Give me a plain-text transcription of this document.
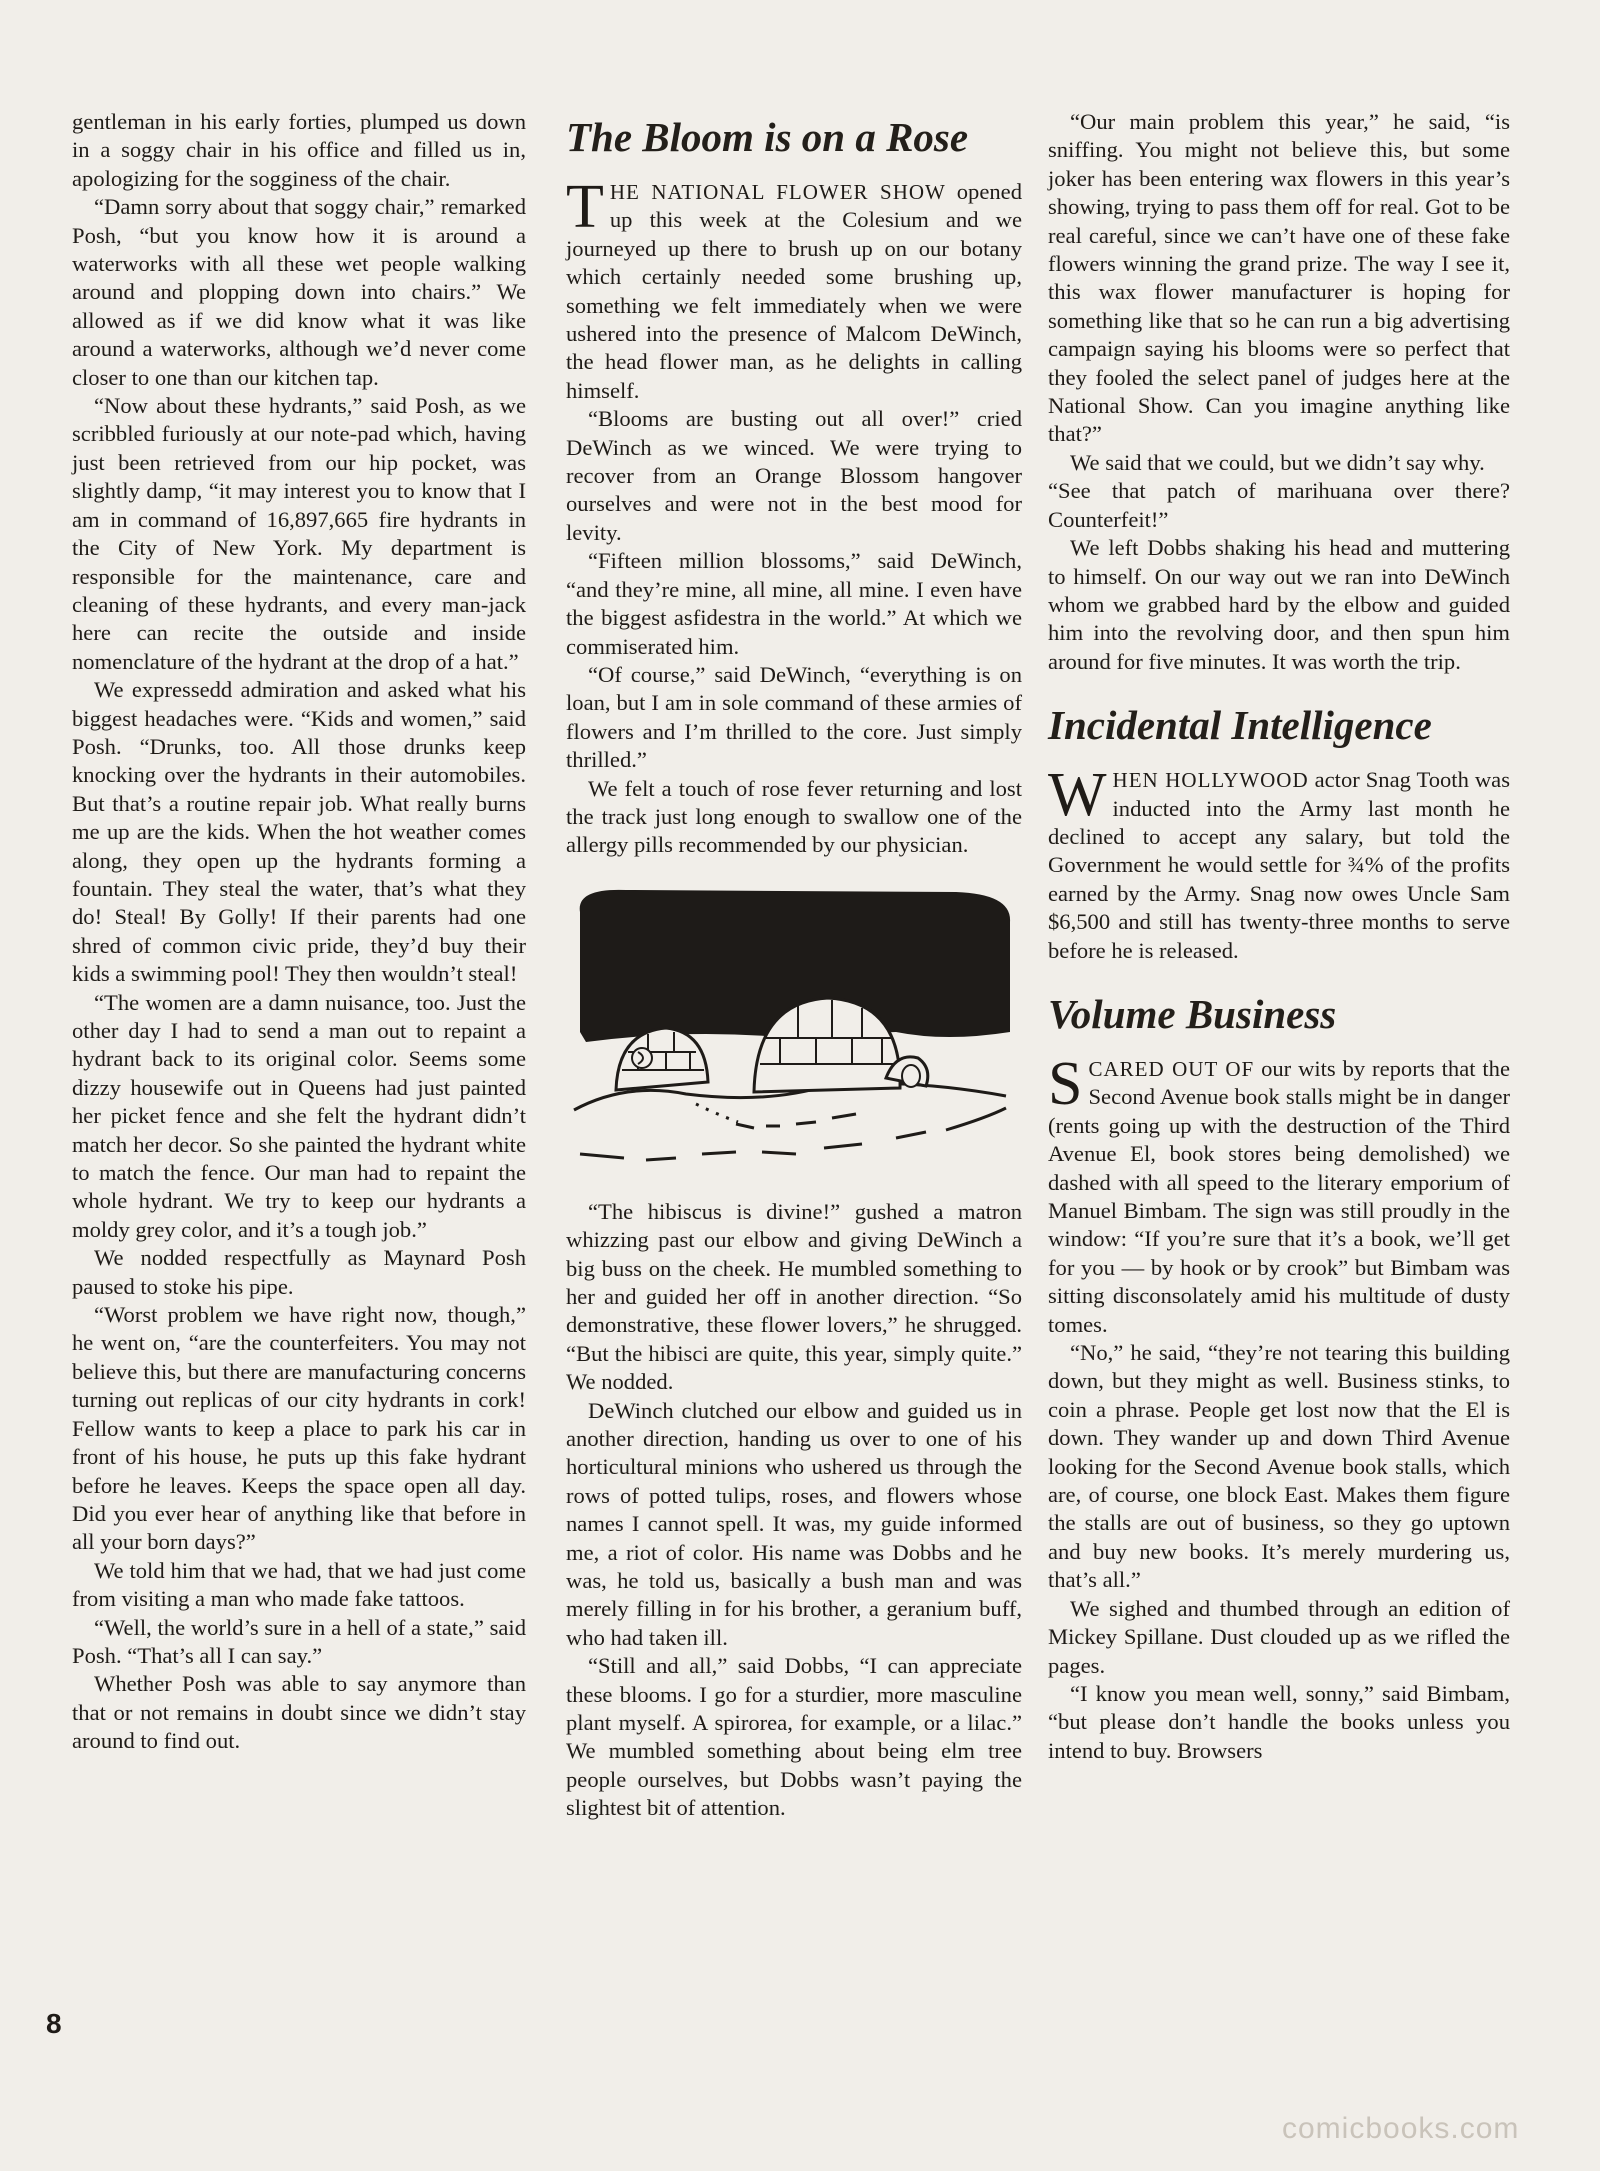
gentleman in his early forties, plumped us down in a soggy chair in his office and filled us in, apologizing for the sogginess of the chair.

“Damn sorry about that soggy chair,” remarked Posh, “but you know how it is around a waterworks with all these wet people walking around and plopping down into chairs.” We allowed as if we did know what it was like around a waterworks, although we’d never come closer to one than our kitchen tap.

“Now about these hydrants,” said Posh, as we scribbled furiously at our note-pad which, having just been retrieved from our hip pocket, was slightly damp, “it may interest you to know that I am in command of 16,897,665 fire hydrants in the City of New York. My department is responsible for the maintenance, care and cleaning of these hydrants, and every man-jack here can recite the outside and inside nomenclature of the hydrant at the drop of a hat.”

We expressedd admiration and asked what his biggest headaches were. “Kids and women,” said Posh. “Drunks, too. All those drunks keep knocking over the hydrants in their automobiles. But that’s a routine repair job. What really burns me up are the kids. When the hot weather comes along, they open up the hydrants forming a fountain. They steal the water, that’s what they do! Steal! By Golly! If their parents had one shred of common civic pride, they’d buy their kids a swimming pool! They then wouldn’t steal!

“The women are a damn nuisance, too. Just the other day I had to send a man out to repaint a hydrant back to its original color. Seems some dizzy housewife out in Queens had just painted her picket fence and she felt the hydrant didn’t match her decor. So she painted the hydrant white to match the fence. Our man had to repaint the whole hydrant. We try to keep our hydrants a moldy grey color, and it’s a tough job.”

We nodded respectfully as Maynard Posh paused to stoke his pipe.

“Worst problem we have right now, though,” he went on, “are the counterfeiters. You may not believe this, but there are manufacturing concerns turning out replicas of our city hydrants in cork! Fellow wants to keep a place to park his car in front of his house, he puts up this fake hydrant before he leaves. Keeps the space open all day. Did you ever hear of anything like that before in all your born days?”

We told him that we had, that we had just come from visiting a man who made fake tattoos.

“Well, the world’s sure in a hell of a state,” said Posh. “That’s all I can say.”

Whether Posh was able to say anymore than that or not remains in doubt since we didn’t stay around to find out.

The Bloom is on a Rose

THE NATIONAL FLOWER SHOW opened up this week at the Colesium and we journeyed up there to brush up on our botany which certainly needed some brushing up, something we felt immediately when we were ushered into the presence of Malcom DeWinch, the head flower man, as he delights in calling himself.

“Blooms are busting out all over!” cried DeWinch as we winced. We were trying to recover from an Orange Blossom hangover ourselves and were not in the best mood for levity.

“Fifteen million blossoms,” said DeWinch, “and they’re mine, all mine, all mine. I even have the biggest asfidestra in the world.” At which we commiserated him.

“Of course,” said DeWinch, “everything is on loan, but I am in sole command of these armies of flowers and I’m thrilled to the core. Just simply thrilled.”

We felt a touch of rose fever returning and lost the track just long enough to swallow one of the allergy pills recommended by our physician.

“The hibiscus is divine!” gushed a matron whizzing past our elbow and giving DeWinch a big buss on the cheek. He mumbled something to her and guided her off in another direction. “So demonstrative, these flower lovers,” he shrugged. “But the hibisci are quite, this year, simply quite.” We nodded.

DeWinch clutched our elbow and guided us in another direction, handing us over to one of his horticultural minions who ushered us through the rows of potted tulips, roses, and flowers whose names I cannot spell. It was, my guide informed me, a riot of color. His name was Dobbs and he was, he told us, basically a bush man and was merely filling in for his brother, a geranium buff, who had taken ill.

“Still and all,” said Dobbs, “I can appreciate these blooms. I go for a sturdier, more masculine plant myself. A spirorea, for example, or a lilac.” We mumbled something about being elm tree people ourselves, but Dobbs wasn’t paying the slightest bit of attention.

“Our main problem this year,” he said, “is sniffing. You might not believe this, but some joker has been entering wax flowers in this year’s showing, trying to pass them off for real. Got to be real careful, since we can’t have one of these fake flowers winning the grand prize. The way I see it, this wax flower manufacturer is hoping for something like that so he can run a big advertising campaign saying his blooms were so perfect that they fooled the select panel of judges here at the National Show. Can you imagine anything like that?”

We said that we could, but we didn’t say why.

“See that patch of marihuana over there? Counterfeit!”

We left Dobbs shaking his head and muttering to himself. On our way out we ran into DeWinch whom we grabbed hard by the elbow and guided him into the revolving door, and then spun him around for five minutes. It was worth the trip.

Incidental Intelligence

WHEN HOLLYWOOD actor Snag Tooth was inducted into the Army last month he declined to accept any salary, but told the Government he would settle for ¾% of the profits earned by the Army. Snag now owes Uncle Sam $6,500 and still has twenty-three months to serve before he is released.

Volume Business

SCARED OUT OF our wits by reports that the Second Avenue book stalls might be in danger (rents going up with the destruction of the Third Avenue El, book stores being demolished) we dashed with all speed to the literary emporium of Manuel Bimbam. The sign was still proudly in the window: “If you’re sure that it’s a book, we’ll get for you — by hook or by crook” but Bimbam was sitting disconsolately amid his multitude of dusty tomes.

“No,” he said, “they’re not tearing this building down, but they might as well. Business stinks, to coin a phrase. People get lost now that the El is down. They wander up and down Third Avenue looking for the Second Avenue book stalls, which are, of course, one block East. Makes them figure the stalls are out of business, so they go uptown and buy new books. It’s merely murdering us, that’s all.”

We sighed and thumbed through an edition of Mickey Spillane. Dust clouded up as we rifled the pages.

“I know you mean well, sonny,” said Bimbam, “but please don’t handle the books unless you intend to buy. Browsers

8
comicbooks.com
